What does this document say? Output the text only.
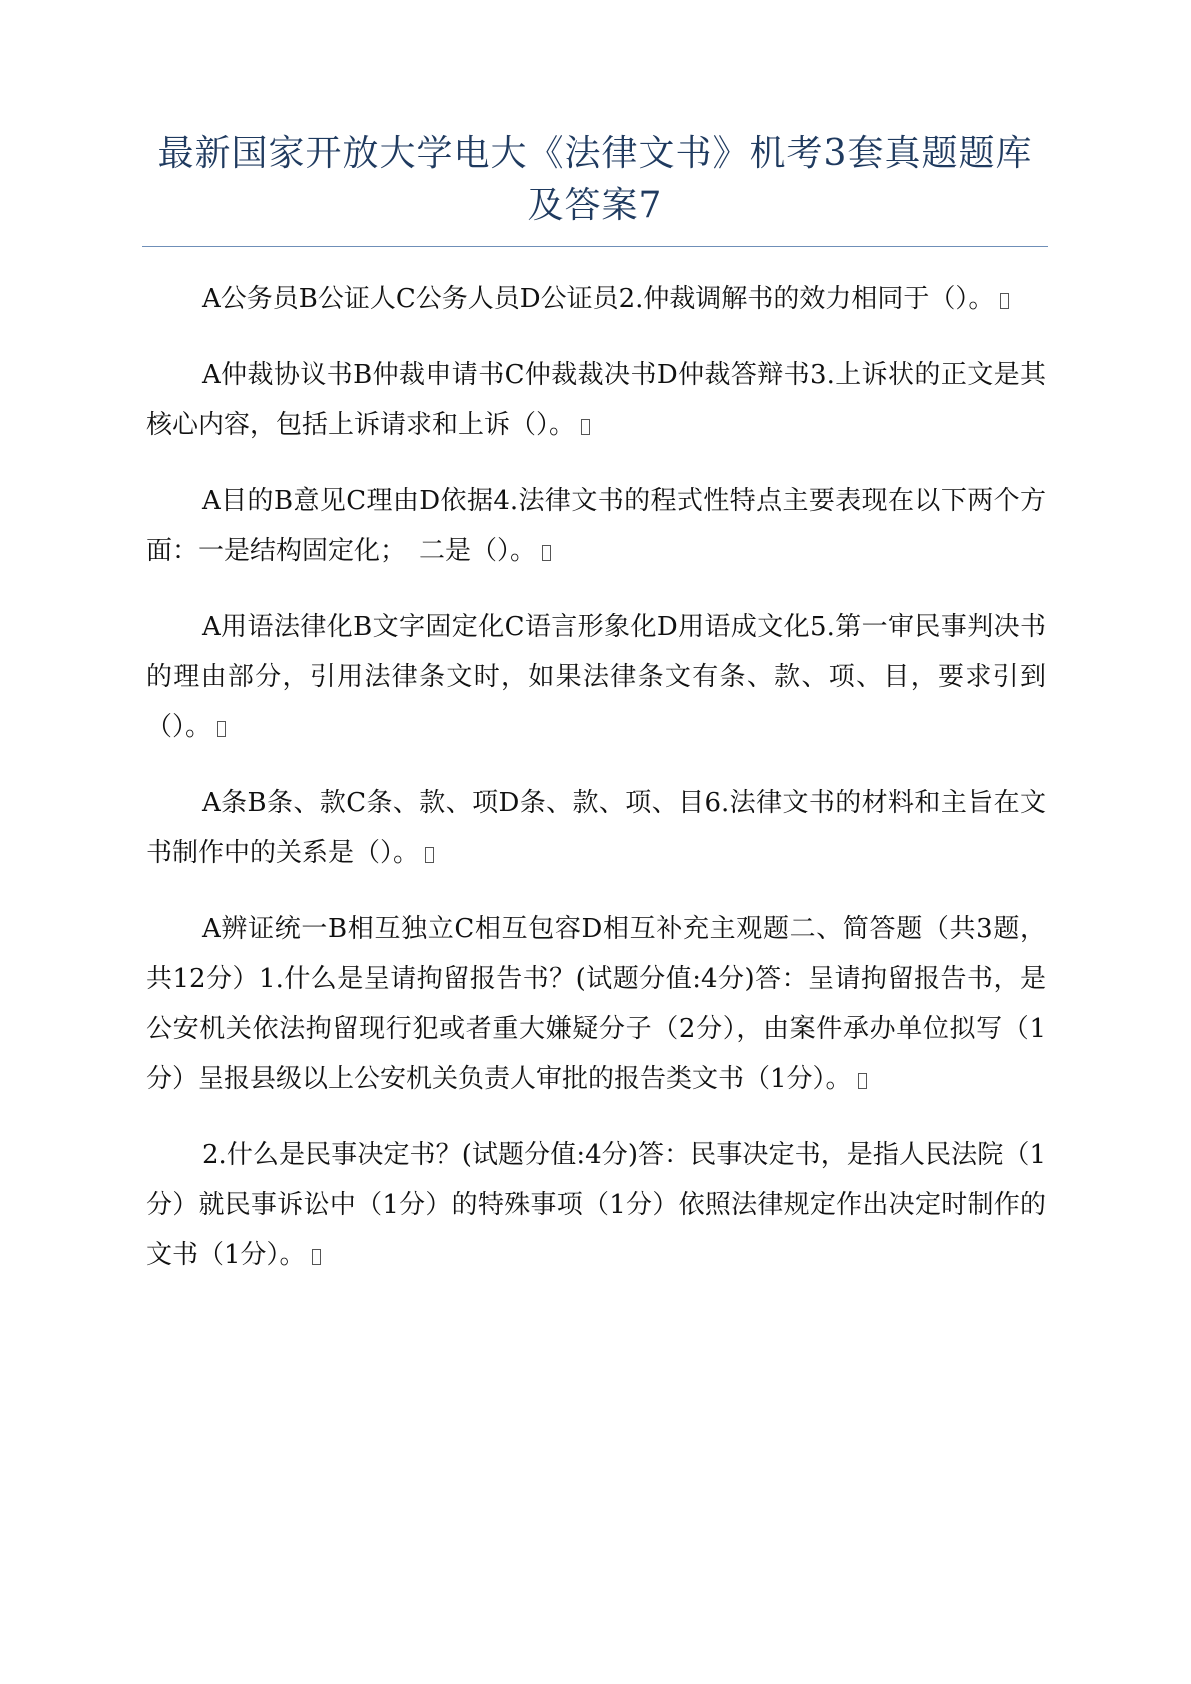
最新国家开放大学电大《法律文书》机考3套真题题库
及答案7

A公务员B公证人C公务人员D公证员2.仲裁调解书的效力相同于（）。

A仲裁协议书B仲裁申请书C仲裁裁决书D仲裁答辩书3.上诉状的正文是其核心内容，包括上诉请求和上诉（）。

A目的B意见C理由D依据4.法律文书的程式性特点主要表现在以下两个方面：一是结构固定化；　二是（）。

A用语法律化B文字固定化C语言形象化D用语成文化5.第一审民事判决书的理由部分，引用法律条文时，如果法律条文有条、款、项、目，要求引到（）。

A条B条、款C条、款、项D条、款、项、目6.法律文书的材料和主旨在文书制作中的关系是（）。

A辨证统一B相互独立C相互包容D相互补充主观题二、简答题（共3题，共12分）1.什么是呈请拘留报告书？(试题分值:4分)答：呈请拘留报告书，是公安机关依法拘留现行犯或者重大嫌疑分子（2分），由案件承办单位拟写（1分）呈报县级以上公安机关负责人审批的报告类文书（1分）。

2.什么是民事决定书？(试题分值:4分)答：民事决定书，是指人民法院（1分）就民事诉讼中（1分）的特殊事项（1分）依照法律规定作出决定时制作的文书（1分）。
